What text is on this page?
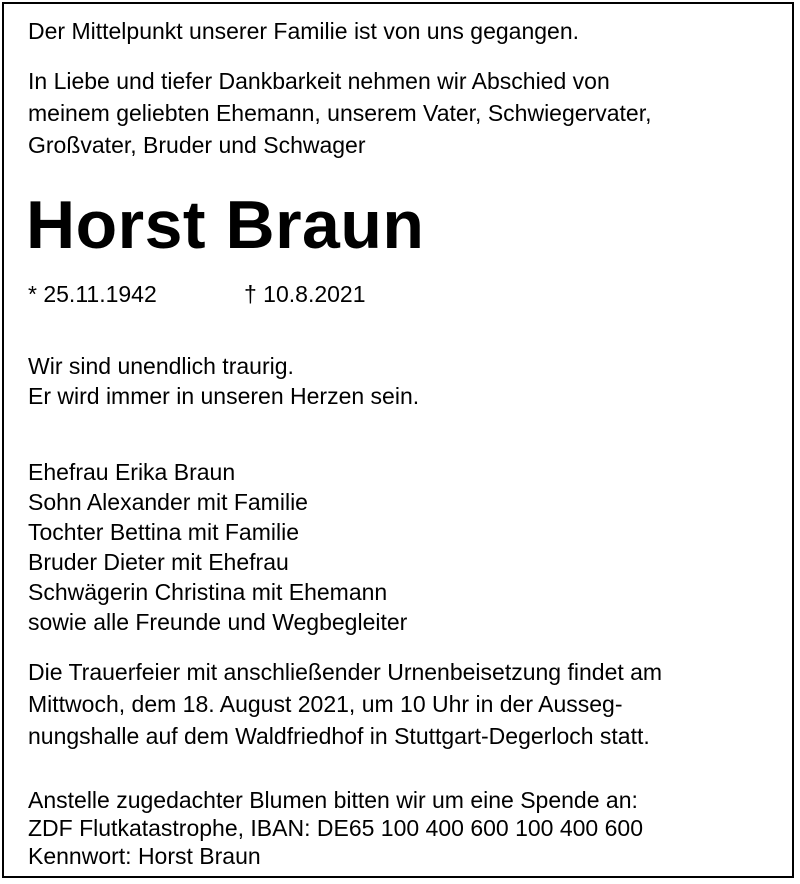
Der Mittelpunkt unserer Familie ist von uns gegangen.

In Liebe und tiefer Dankbarkeit nehmen wir Abschied von

meinem geliebten Ehemann, unserem Vater, Schwiegervater,

Großvater, Bruder und Schwager

Horst Braun
* 25.11.1942	† 10.8.2021

Wir sind unendlich traurig.

Er wird immer in unseren Herzen sein.

Ehefrau Erika Braun

Sohn Alexander mit Familie

Tochter Bettina mit Familie

Bruder Dieter mit Ehefrau

Schwägerin Christina mit Ehemann

sowie alle Freunde und Wegbegleiter

Die Trauerfeier mit anschließender Urnenbeisetzung findet am

Mittwoch, dem 18. August 2021, um 10 Uhr in der Ausseg-

nungshalle auf dem Waldfriedhof in Stuttgart-Degerloch statt.

Anstelle zugedachter Blumen bitten wir um eine Spende an:

ZDF Flutkatastrophe, IBAN: DE65 100 400 600 100 400 600

Kennwort: Horst Braun
